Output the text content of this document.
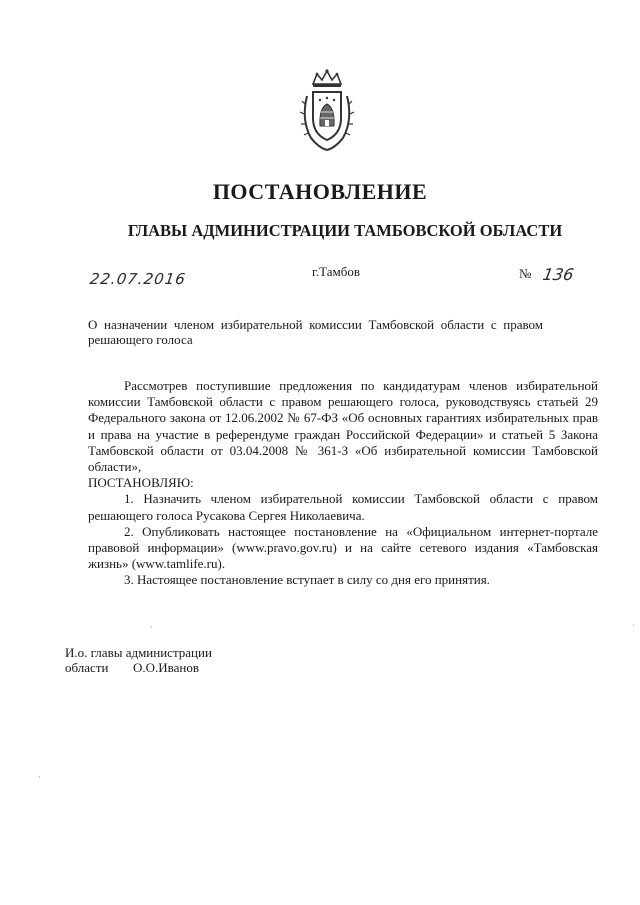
ПОСТАНОВЛЕНИЕ
ГЛАВЫ АДМИНИСТРАЦИИ ТАМБОВСКОЙ ОБЛАСТИ
22.07.2016	г.Тамбов	№ 136
О назначении членом избирательной комиссии Тамбовской области с правом решающего голоса

Рассмотрев поступившие предложения по кандидатурам членов избирательной комиссии Тамбовской области с правом решающего голоса, руководствуясь статьей 29 Федерального закона от 12.06.2002 № 67-ФЗ «Об основных гарантиях избирательных прав и права на участие в референдуме граждан Российской Федерации» и статьей 5 Закона Тамбовской области от 03.04.2008 № 361-З «Об избирательной комиссии Тамбовской области»,

ПОСТАНОВЛЯЮ:

1. Назначить членом избирательной комиссии Тамбовской области с правом решающего голоса Русакова Сергея Николаевича.

2. Опубликовать настоящее постановление на «Официальном интернет-портале правовой информации» (www.pravo.gov.ru) и на сайте сетевого издания «Тамбовская жизнь» (www.tamlife.ru).

3. Настоящее постановление вступает в силу со дня его принятия.

И.о. главы администрации
области О.О.Иванов
·	·
·
